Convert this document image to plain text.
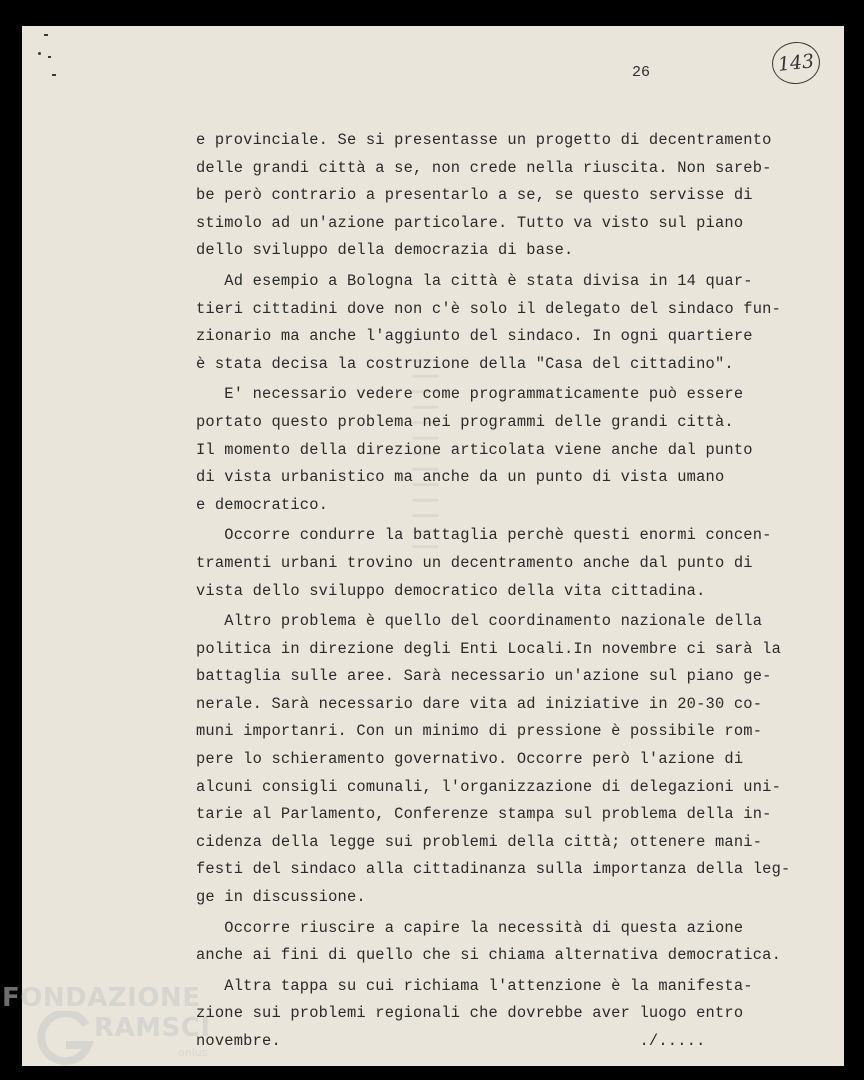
26	143
|||||||||||||
e provinciale. Se si presentasse un progetto di decentramento
delle grandi città a se, non crede nella riuscita. Non sareb-
be però contrario a presentarlo a se, se questo servisse di
stimolo ad un'azione particolare. Tutto va visto sul piano
dello sviluppo della democrazia di base.
Ad esempio a Bologna la città è stata divisa in 14 quar-
tieri cittadini dove non c'è solo il delegato del sindaco fun-
zionario ma anche l'aggiunto del sindaco. In ogni quartiere
è stata decisa la costruzione della "Casa del cittadino".
E' necessario vedere come programmaticamente può essere
portato questo problema nei programmi delle grandi città.
Il momento della direzione articolata viene anche dal punto
di vista urbanistico ma anche da un punto di vista umano
e democratico.
Occorre condurre la battaglia perchè questi enormi concen-
tramenti urbani trovino un decentramento anche dal punto di
vista dello sviluppo democratico della vita cittadina.
Altro problema è quello del coordinamento nazionale della
politica in direzione degli Enti Locali.In novembre ci sarà la
battaglia sulle aree. Sarà necessario un'azione sul piano ge-
nerale. Sarà necessario dare vita ad iniziative in 20-30 co-
muni importanri. Con un minimo di pressione è possibile rom-
pere lo schieramento governativo. Occorre però l'azione di
alcuni consigli comunali, l'organizzazione di delegazioni uni-
tarie al Parlamento, Conferenze stampa sul problema della in-
cidenza della legge sui problemi della città; ottenere mani-
festi del sindaco alla cittadinanza sulla importanza della leg-
ge in discussione.
Occorre riuscire a capire la necessità di questa azione
anche ai fini di quello che si chiama alternativa democratica.
Altra tappa su cui richiama l'attenzione è la manifesta-
zione sui problemi regionali che dovrebbe aver luogo entro
novembre.                                      ./.....
FONDAZIONE
RAMSCI
onlus
